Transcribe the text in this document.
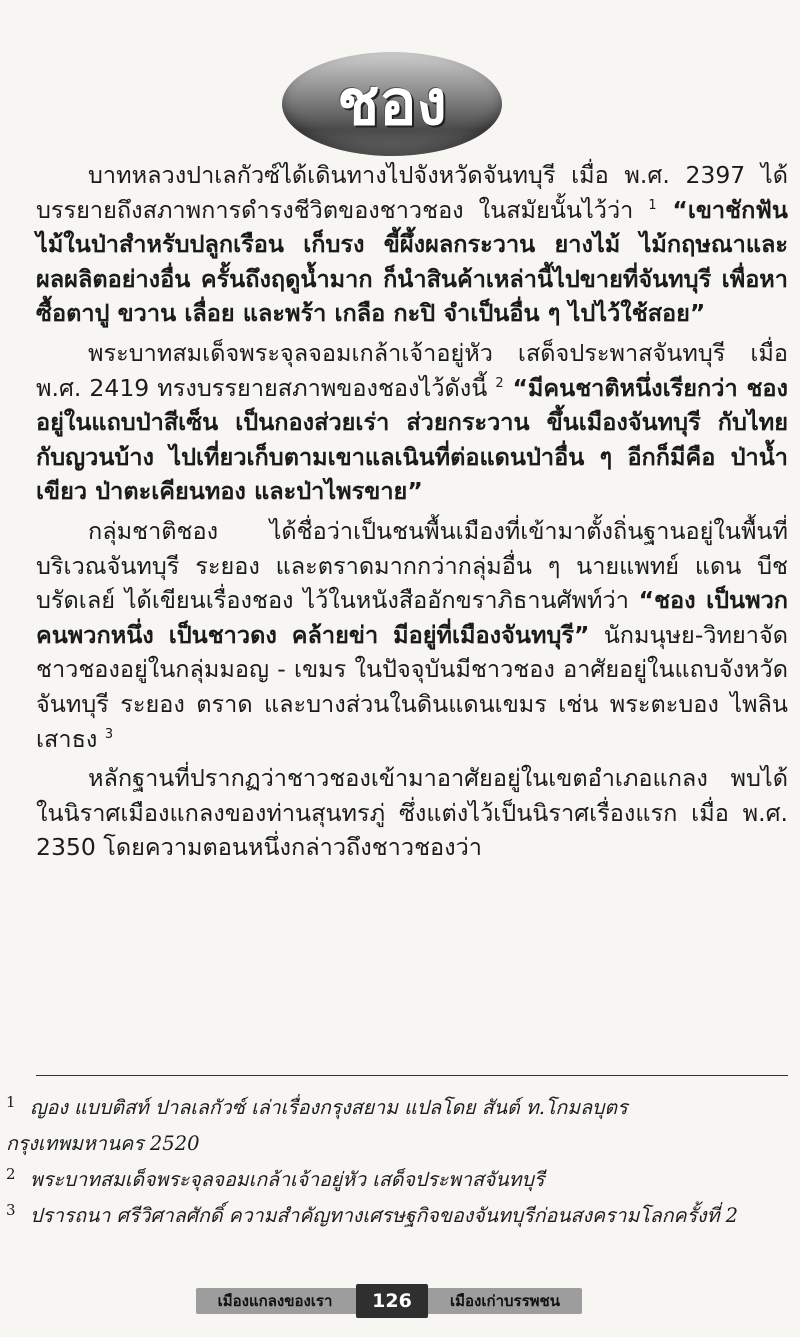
ชอง

บาทหลวงปาเลกัวซ์ได้เดินทางไปจังหวัดจันทบุรี เมื่อ พ.ศ. 2397 ได้บรรยายถึงสภาพการดำรงชีวิตของชาวชอง ในสมัยนั้นไว้ว่า $^1$ “เขาชักฟันไม้ในป่าสำหรับปลูกเรือน เก็บรง ขี้ผึ้งผลกระวาน ยางไม้ ไม้กฤษณาและผลผลิตอย่างอื่น ครั้นถึงฤดูน้ำมาก ก็นำสินค้าเหล่านี้ไปขายที่จันทบุรี เพื่อหาซื้อตาปู ขวาน เลื่อย และพร้า เกลือ กะปิ จำเป็นอื่น ๆ ไปไว้ใช้สอย”

พระบาทสมเด็จพระจุลจอมเกล้าเจ้าอยู่หัว เสด็จประพาสจันทบุรี เมื่อ พ.ศ. 2419 ทรงบรรยายสภาพของชองไว้ดังนี้ $^2$ “มีคนชาติหนึ่งเรียกว่า ชอง อยู่ในแถบป่าสีเซ็น เป็นกองส่วยเร่า ส่วยกระวาน ขึ้นเมืองจันทบุรี กับไทย กับญวนบ้าง ไปเที่ยวเก็บตามเขาแลเนินที่ต่อแดนป่าอื่น ๆ อีกก็มีคือ ป่าน้ำเขียว ป่าตะเคียนทอง และป่าไพรขาย”

กลุ่มชาติชอง ได้ชื่อว่าเป็นชนพื้นเมืองที่เข้ามาตั้งถิ่นฐานอยู่ในพื้นที่บริเวณจันทบุรี ระยอง และตราดมากกว่ากลุ่มอื่น ๆ นายแพทย์ แดน บีช บรัดเลย์ ได้เขียนเรื่องชอง ไว้ในหนังสืออักขราภิธานศัพท์ว่า “ชอง เป็นพวกคนพวกหนึ่ง เป็นชาวดง คล้ายข่า มีอยู่ที่เมืองจันทบุรี” นักมนุษย-วิทยาจัดชาวชองอยู่ในกลุ่มมอญ - เขมร ในปัจจุบันมีชาวชอง อาศัยอยู่ในแถบจังหวัดจันทบุรี ระยอง ตราด และบางส่วนในดินแดนเขมร เช่น พระตะบอง ไพลิน เสาธง $^3$

หลักฐานที่ปรากฏว่าชาวชองเข้ามาอาศัยอยู่ในเขตอำเภอแกลง พบได้ในนิราศเมืองแกลงของท่านสุนทรภู่ ซึ่งแต่งไว้เป็นนิราศเรื่องแรก เมื่อ พ.ศ. 2350 โดยความตอนหนึ่งกล่าวถึงชาวชองว่า

1 ญอง แบบติสท์ ปาลเลกัวซ์ เล่าเรื่องกรุงสยาม แปลโดย สันต์ ท.โกมลบุตร

กรุงเทพมหานคร 2520

2 พระบาทสมเด็จพระจุลจอมเกล้าเจ้าอยู่หัว เสด็จประพาสจันทบุรี

3 ปรารถนา ศรีวิศาลศักดิ์ ความสำคัญทางเศรษฐกิจของจันทบุรีก่อนสงครามโลกครั้งที่ 2

เมืองแกลงของเรา	126	เมืองเก่าบรรพชน
